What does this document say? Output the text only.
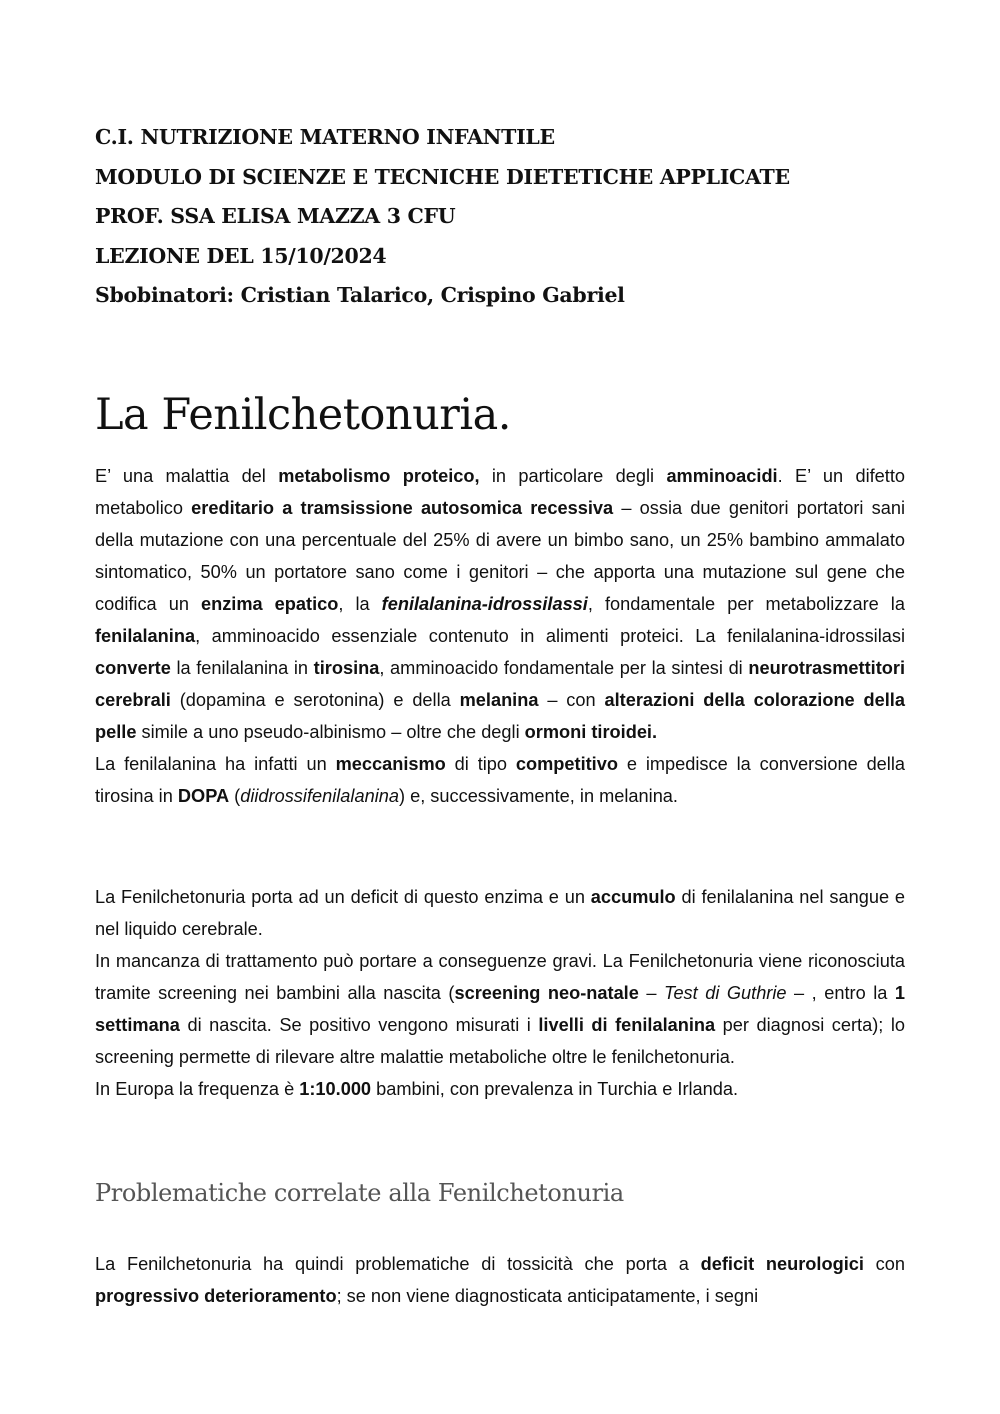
C.I. NUTRIZIONE MATERNO INFANTILE
MODULO DI SCIENZE E TECNICHE DIETETICHE APPLICATE
PROF. SSA ELISA MAZZA 3 CFU
LEZIONE DEL 15/10/2024
Sbobinatori: Cristian Talarico, Crispino Gabriel
La Fenilchetonuria.

E’ una malattia del metabolismo proteico, in particolare degli amminoacidi. E’ un difetto metabolico ereditario a tramsissione autosomica recessiva – ossia due genitori portatori sani della mutazione con una percentuale del 25% di avere un bimbo sano, un 25% bambino ammalato sintomatico, 50% un portatore sano come i genitori – che apporta una mutazione sul gene che codifica un enzima epatico, la fenilalanina-idrossilassi, fondamentale per metabolizzare la fenilalanina, amminoacido essenziale contenuto in alimenti proteici. La fenilalanina-idrossilasi converte la fenilalanina in tirosina, amminoacido fondamentale per la sintesi di neurotrasmettitori cerebrali (dopamina e serotonina) e della melanina – con alterazioni della colorazione della pelle simile a uno pseudo-albinismo – oltre che degli ormoni tiroidei.

La fenilalanina ha infatti un meccanismo di tipo competitivo e impedisce la conversione della tirosina in DOPA (diidrossifenilalanina) e, successivamente, in melanina.

La Fenilchetonuria porta ad un deficit di questo enzima e un accumulo di fenilalanina nel sangue e nel liquido cerebrale.

In mancanza di trattamento può portare a conseguenze gravi. La Fenilchetonuria viene riconosciuta tramite screening nei bambini alla nascita (screening neo-natale – Test di Guthrie – , entro la 1 settimana di nascita. Se positivo vengono misurati i livelli di fenilalanina per diagnosi certa); lo screening permette di rilevare altre malattie metaboliche oltre le fenilchetonuria.

In Europa la frequenza è 1:10.000 bambini, con prevalenza in Turchia e Irlanda.

Problematiche correlate alla Fenilchetonuria

La Fenilchetonuria ha quindi problematiche di tossicità che porta a deficit neurologici con progressivo deterioramento; se non viene diagnosticata anticipatamente, i segni
